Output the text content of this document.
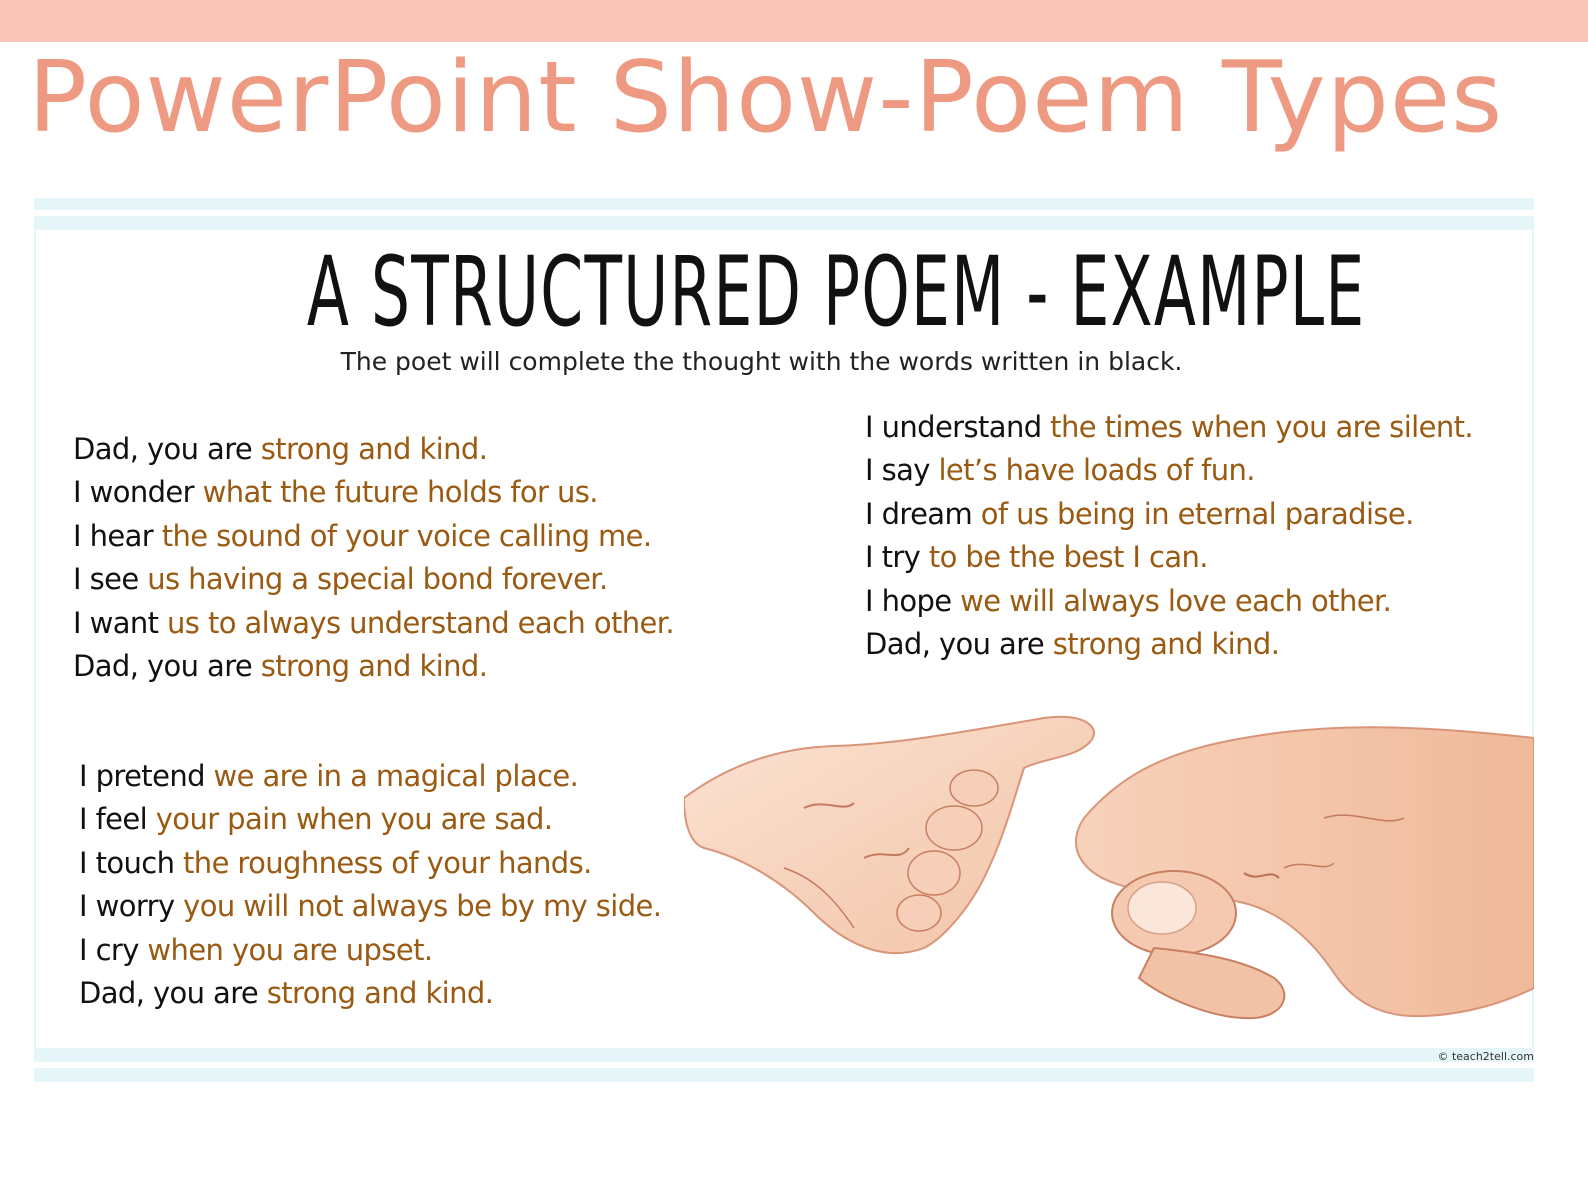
PowerPoint Show-Poem Types
A STRUCTURED POEM - EXAMPLE
The poet will complete the thought with the words written in black.
Dad, you are strong and kind.
I wonder what the future holds for us.
I hear the sound of your voice calling me.
I see us having a special bond forever.
I want us to always understand each other.
Dad, you are strong and kind.
I understand the times when you are silent.
I say let’s have loads of fun.
I dream of us being in eternal paradise.
I try to be the best I can.
I hope we will always love each other.
Dad, you are strong and kind.
I pretend we are in a magical place.
I feel your pain when you are sad.
I touch the roughness of your hands.
I worry you will not always be by my side.
I cry when you are upset.
Dad, you are strong and kind.
© teach2tell.com
